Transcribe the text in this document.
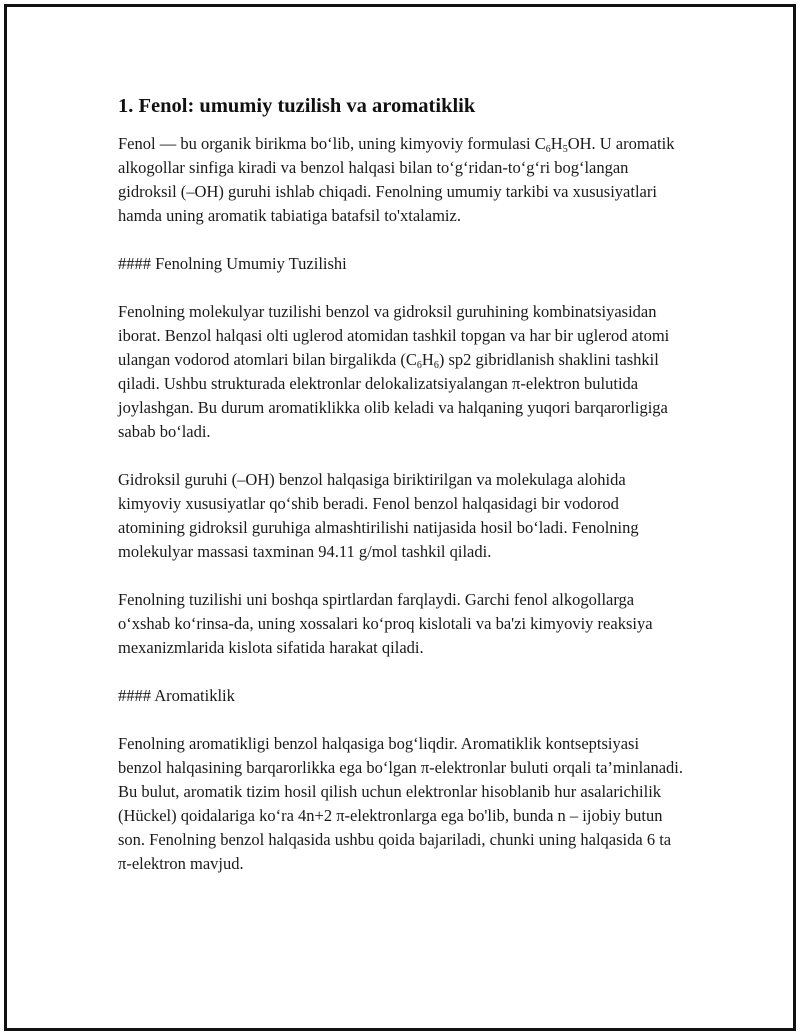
1. Fenol: umumiy tuzilish va aromatiklik

Fenol — bu organik birikma bo‘lib, uning kimyoviy formulasi $C_6H_5OH$. U aromatik alkogollar sinfiga kiradi va benzol halqasi bilan to‘g‘ridan-to‘g‘ri bog‘langan gidroksil (–OH) guruhi ishlab chiqadi. Fenolning umumiy tarkibi va xususiyatlari hamda uning aromatik tabiatiga batafsil to'xtalamiz.

#### Fenolning Umumiy Tuzilishi

Fenolning molekulyar tuzilishi benzol va gidroksil guruhining kombinatsiyasidan iborat. Benzol halqasi olti uglerod atomidan tashkil topgan va har bir uglerod atomi ulangan vodorod atomlari bilan birgalikda $(C_6H_6)$ sp2 gibridlanish shaklini tashkil qiladi. Ushbu strukturada elektronlar delokalizatsiyalangan π-elektron bulutida joylashgan. Bu durum aromatiklikka olib keladi va halqaning yuqori barqarorligiga sabab bo‘ladi.

Gidroksil guruhi (–OH) benzol halqasiga biriktirilgan va molekulaga alohida kimyoviy xususiyatlar qo‘shib beradi. Fenol benzol halqasidagi bir vodorod atomining gidroksil guruhiga almashtirilishi natijasida hosil bo‘ladi. Fenolning molekulyar massasi taxminan 94.11 g/mol tashkil qiladi.

Fenolning tuzilishi uni boshqa spirtlardan farqlaydi. Garchi fenol alkogollarga o‘xshab ko‘rinsa-da, uning xossalari ko‘proq kislotali va ba'zi kimyoviy reaksiya mexanizmlarida kislota sifatida harakat qiladi.

#### Aromatiklik

Fenolning aromatikligi benzol halqasiga bog‘liqdir. Aromatiklik kontseptsiyasi benzol halqasining barqarorlikka ega bo‘lgan π-elektronlar buluti orqali ta’minlanadi. Bu bulut, aromatik tizim hosil qilish uchun elektronlar hisoblanib hur asalarichilik (Hückel) qoidalariga ko‘ra 4n+2 π-elektronlarga ega bo'lib, bunda n – ijobiy butun son. Fenolning benzol halqasida ushbu qoida bajariladi, chunki uning halqasida 6 ta π-elektron mavjud.
